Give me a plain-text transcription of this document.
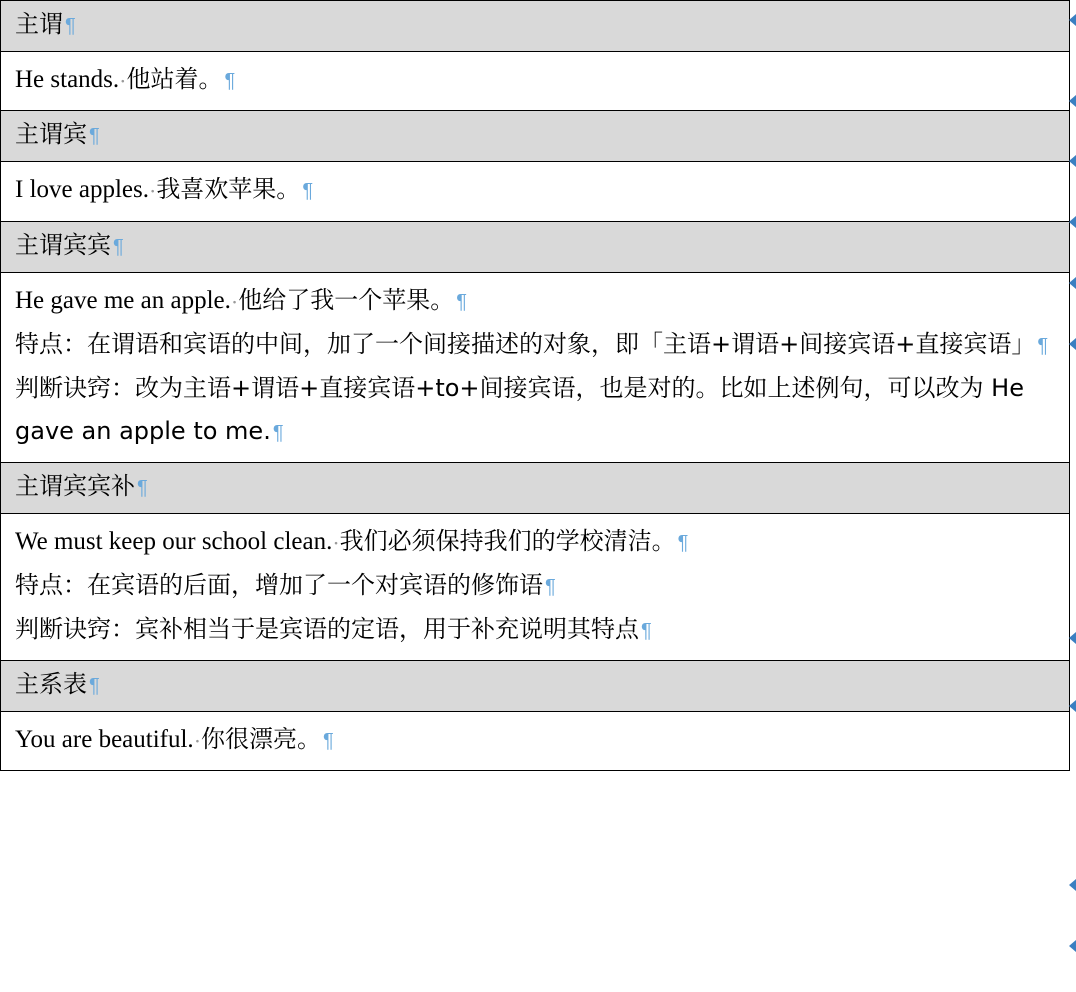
主谓 ¶

He stands.·他站着。 ¶

主谓宾 ¶

I love apples.·我喜欢苹果。 ¶

主谓宾宾 ¶

He gave me an apple.·他给了我一个苹果。 ¶
特点：在谓语和宾语的中间，加了一个间接描述的对象，即「主语+谓语+间接宾语+直接宾语」 ¶
判断诀窍：改为主语+谓语+直接宾语+to+间接宾语，也是对的。比如上述例句，可以改为 He gave an apple to me. ¶

主谓宾宾补 ¶

We must keep our school clean.·我们必须保持我们的学校清洁。 ¶
特点：在宾语的后面，增加了一个对宾语的修饰语 ¶
判断诀窍：宾补相当于是宾语的定语，用于补充说明其特点 ¶

主系表 ¶

You are beautiful.·你很漂亮。 ¶
